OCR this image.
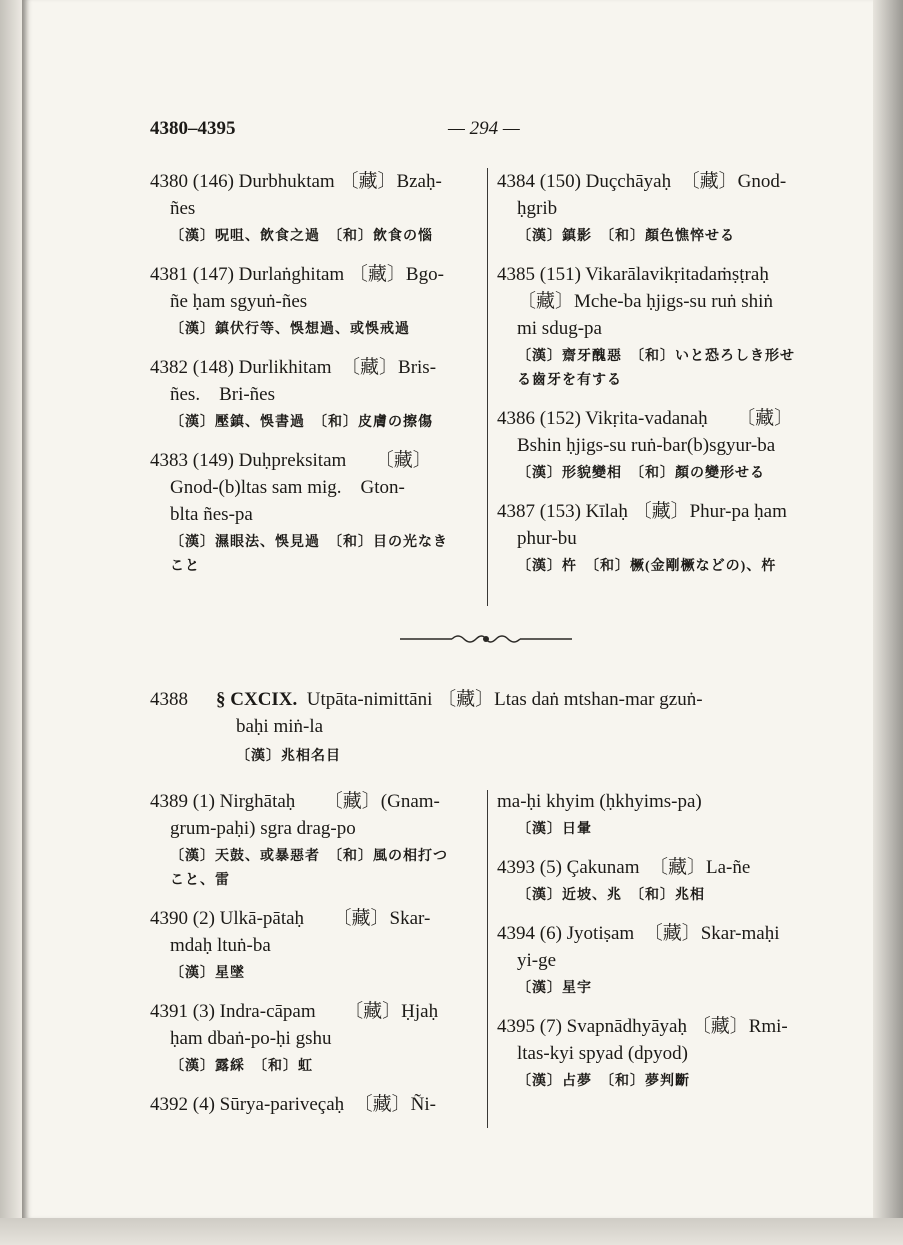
4380–4395	— 294 —
4380 (146) Durbhuktam 〔藏〕Bzaḥ-
ñes
〔漢〕呪咀、飲食之過　〔和〕飲食の惱
4381 (147) Durlaṅghitam 〔藏〕Bgo-
ñe ḥam sgyuṅ-ñes
〔漢〕鎮伏行等、悞想過、或悞戒過
4382 (148) Durlikhitam　〔藏〕Bris-
ñes.　Bri-ñes
〔漢〕壓鎮、悞書過　〔和〕皮膚の擦傷
4383 (149) Duḥpreksitam　　〔藏〕
Gnod-(b)ltas sam mig.　Gton-
blta ñes-pa
〔漢〕濕眼法、悞見過　〔和〕目の光なき
こと
4384 (150) Duçchāyaḥ　〔藏〕Gnod-
ḥgrib
〔漢〕鎮影　〔和〕顏色憔悴せる
4385 (151) Vikarālavikṛitadaṁṣṭraḥ
〔藏〕Mche-ba ḥjigs-su ruṅ shiṅ
mi sdug-pa
〔漢〕齋牙醜惡　〔和〕いと恐ろしき形せ
る齒牙を有する
4386 (152) Vikṛita-vadanaḥ　　〔藏〕
Bshin ḥjigs-su ruṅ-bar(b)sgyur-ba
〔漢〕形貌變相　〔和〕顏の變形せる
4387 (153) Kīlaḥ 〔藏〕Phur-pa ḥam
phur-bu
〔漢〕杵　〔和〕橛(金剛橛などの)、杵
4388 § CXCIX. Utpāta-nimittāni 〔藏〕Ltas daṅ mtshan-mar gzuṅ-
baḥi miṅ-la
〔漢〕兆相名目
4389 (1) Nirghātaḥ　　〔藏〕(Gnam-
grum-paḥi) sgra drag-po
〔漢〕天鼓、或暴惡者　〔和〕風の相打つ
こと、雷
4390 (2) Ulkā-pātaḥ　　〔藏〕Skar-
mdaḥ ltuṅ-ba
〔漢〕星墜
4391 (3) Indra-cāpam　　〔藏〕Ḥjaḥ
ḥam dbaṅ-po-ḥi gshu
〔漢〕露綵　〔和〕虹
4392 (4) Sūrya-pariveçaḥ　〔藏〕Ñi-
ma-ḥi khyim (ḥkhyims-pa)
〔漢〕日暈
4393 (5) Çakunam　〔藏〕La-ñe
〔漢〕近坡、兆　〔和〕兆相
4394 (6) Jyotiṣam　〔藏〕Skar-maḥi
yi-ge
〔漢〕星宇
4395 (7) Svapnādhyāyaḥ 〔藏〕Rmi-
ltas-kyi spyad (dpyod)
〔漢〕占夢　〔和〕夢判斷
